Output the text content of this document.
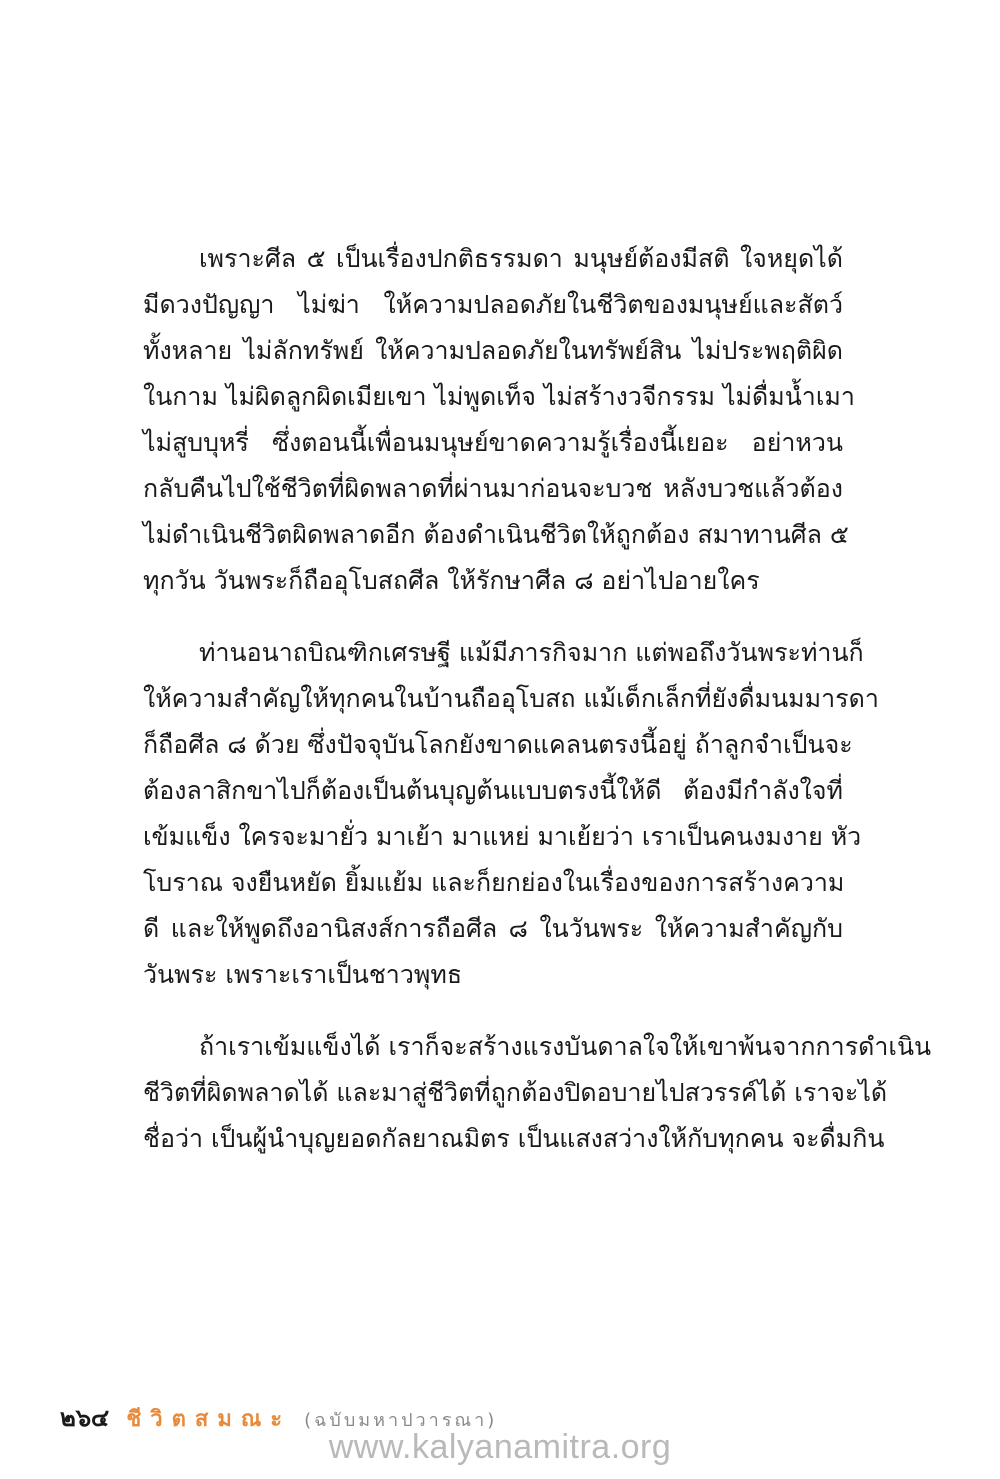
เพราะศีล ๕ เป็นเรื่องปกติธรรมดา มนุษย์ต้องมีสติ ใจหยุดได้
มีดวงปัญญา ไม่ฆ่า ให้ความปลอดภัยในชีวิตของมนุษย์และสัตว์
ทั้งหลาย ไม่ลักทรัพย์ ให้ความปลอดภัยในทรัพย์สิน ไม่ประพฤติผิด
ในกาม ไม่ผิดลูกผิดเมียเขา ไม่พูดเท็จ ไม่สร้างวจีกรรม ไม่ดื่มน้ำเมา
ไม่สูบบุหรี่ ซึ่งตอนนี้เพื่อนมนุษย์ขาดความรู้เรื่องนี้เยอะ อย่าหวน
กลับคืนไปใช้ชีวิตที่ผิดพลาดที่ผ่านมาก่อนจะบวช หลังบวชแล้วต้อง
ไม่ดำเนินชีวิตผิดพลาดอีก ต้องดำเนินชีวิตให้ถูกต้อง สมาทานศีล ๕
ทุกวัน วันพระก็ถืออุโบสถศีล ให้รักษาศีล ๘ อย่าไปอายใคร
ท่านอนาถบิณฑิกเศรษฐี แม้มีภารกิจมาก แต่พอถึงวันพระท่านก็
ให้ความสำคัญให้ทุกคนในบ้านถืออุโบสถ แม้เด็กเล็กที่ยังดื่มนมมารดา
ก็ถือศีล ๘ ด้วย ซึ่งปัจจุบันโลกยังขาดแคลนตรงนี้อยู่ ถ้าลูกจำเป็นจะ
ต้องลาสิกขาไปก็ต้องเป็นต้นบุญต้นแบบตรงนี้ให้ดี ต้องมีกำลังใจที่
เข้มแข็ง ใครจะมายั่ว มาเย้า มาแหย่ มาเย้ยว่า เราเป็นคนงมงาย หัว
โบราณ จงยืนหยัด ยิ้มแย้ม และก็ยกย่องในเรื่องของการสร้างความ
ดี และให้พูดถึงอานิสงส์การถือศีล ๘ ในวันพระ ให้ความสำคัญกับ
วันพระ เพราะเราเป็นชาวพุทธ
ถ้าเราเข้มแข็งได้ เราก็จะสร้างแรงบันดาลใจให้เขาพ้นจากการดำเนิน
ชีวิตที่ผิดพลาดได้ และมาสู่ชีวิตที่ถูกต้องปิดอบายไปสวรรค์ได้ เราจะได้
ชื่อว่า เป็นผู้นำบุญยอดกัลยาณมิตร เป็นแสงสว่างให้กับทุกคน จะดื่มกิน
๒๖๔ ชีวิตสมณะ (ฉบับมหาปวารณา)
www.kalyanamitra.org
